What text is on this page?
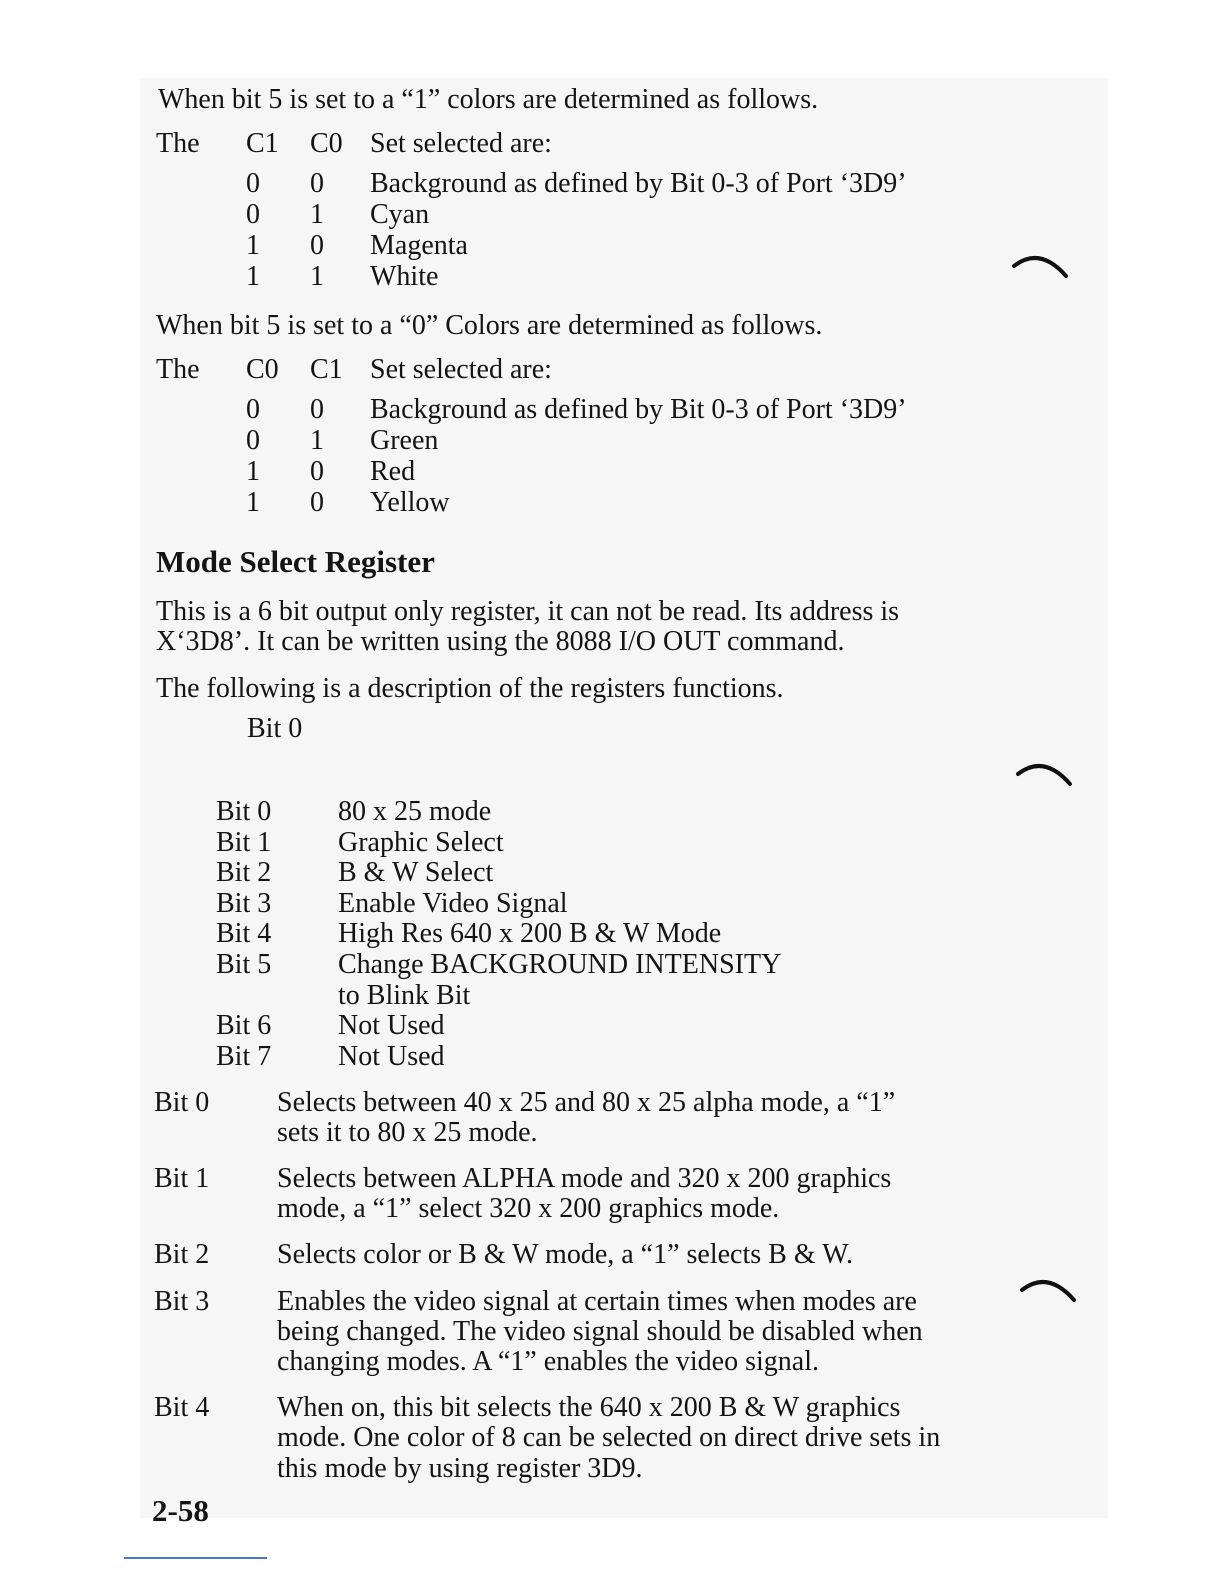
When bit 5 is set to a “1” colors are determined as follows.
The	C1	C0 Set selected are:
0	0	Background as defined by Bit 0-3 of Port ‘3D9’
0	1	Cyan
1	0	Magenta
1	1	White
When bit 5 is set to a “0” Colors are determined as follows.
The	C0	C1 Set selected are:
0	0	Background as defined by Bit 0-3 of Port ‘3D9’
0	1	Green
1	0	Red
1	0	Yellow
Mode Select Register
This is a 6 bit output only register, it can not be read. Its address is
X‘3D8’. It can be written using the 8088 I/O OUT command.
The following is a description of the registers functions.
Bit 0
Bit 0	80 x 25 mode
Bit 1	Graphic Select
Bit 2	B & W Select
Bit 3	Enable Video Signal
Bit 4	High Res 640 x 200 B & W Mode
Bit 5	Change BACKGROUND INTENSITY
to Blink Bit
Bit 6	Not Used
Bit 7	Not Used
Bit 0	Selects between 40 x 25 and 80 x 25 alpha mode, a “1”
sets it to 80 x 25 mode.
Bit 1	Selects between ALPHA mode and 320 x 200 graphics
mode, a “1” select 320 x 200 graphics mode.
Bit 2	Selects color or B & W mode, a “1” selects B & W.
Bit 3	Enables the video signal at certain times when modes are
being changed. The video signal should be disabled when
changing modes. A “1” enables the video signal.
Bit 4	When on, this bit selects the 640 x 200 B & W graphics
mode. One color of 8 can be selected on direct drive sets in
this mode by using register 3D9.
2-58
